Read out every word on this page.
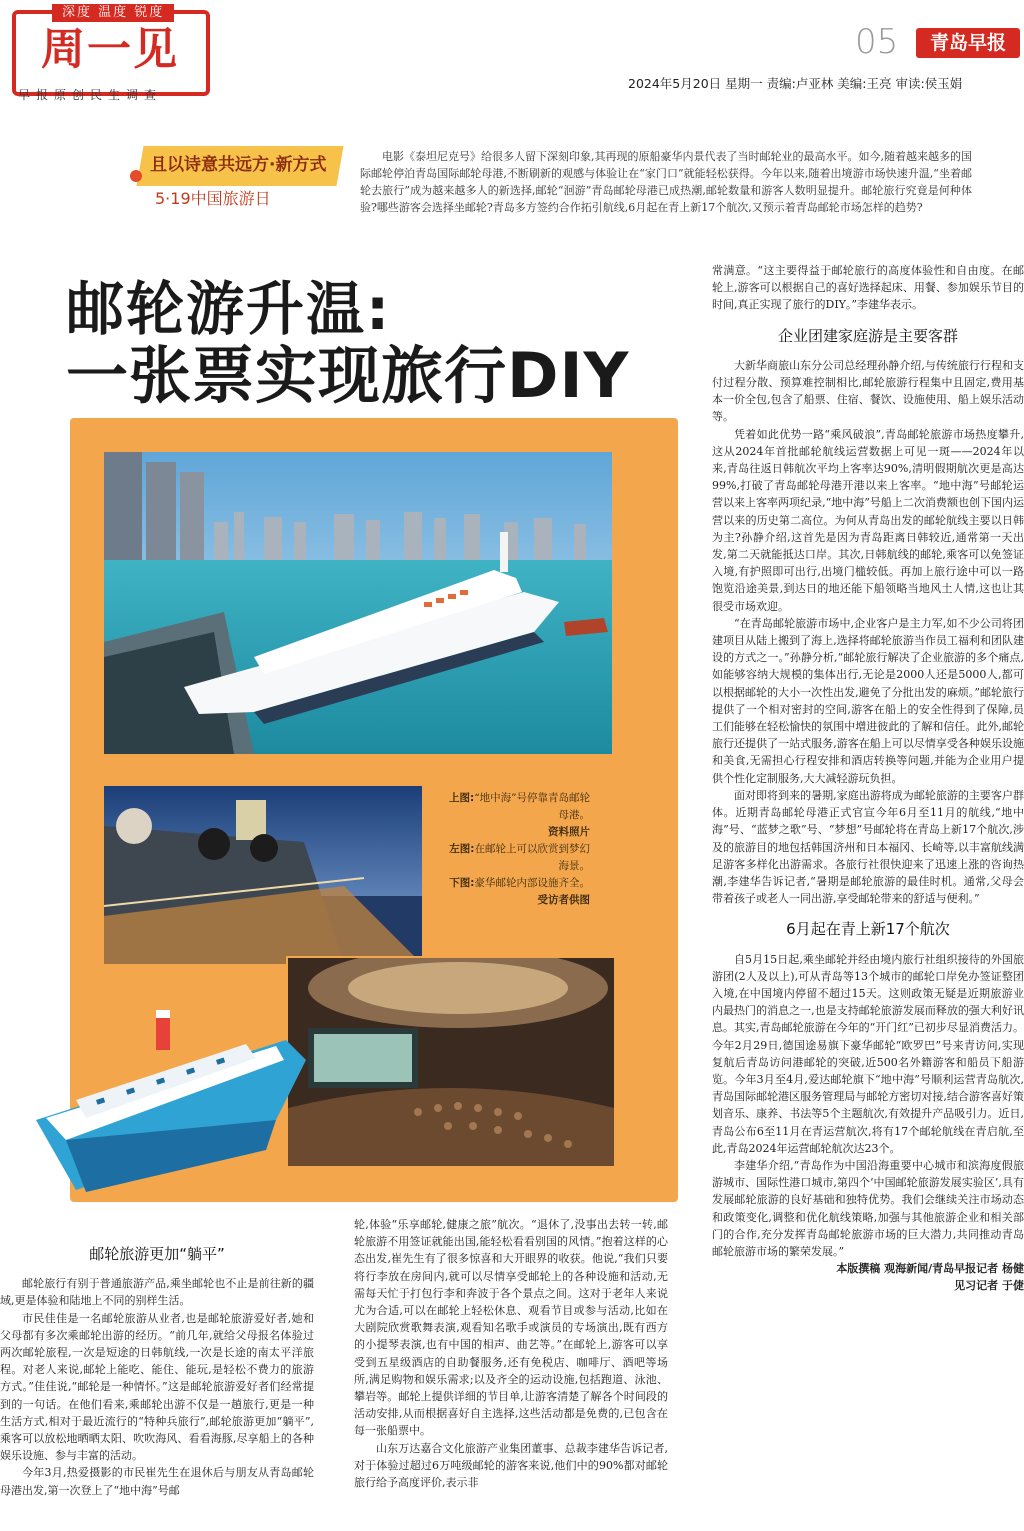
深度 温度 锐度
周一见
早报原创民生调查
05	青岛早报
2024年5月20日 星期一 责编:卢亚林 美编:王亮 审读:侯玉娟
且以诗意共远方·新方式
5·19中国旅游日
电影《泰坦尼克号》给很多人留下深刻印象,其再现的原船豪华内景代表了当时邮轮业的最高水平。如今,随着越来越多的国际邮轮停泊青岛国际邮轮母港,不断刷新的观感与体验让在“家门口”就能轻松获得。今年以来,随着出境游市场快速升温,“坐着邮轮去旅行”成为越来越多人的新选择,邮轮“洄游”青岛邮轮母港已成热潮,邮轮数量和游客人数明显提升。邮轮旅行究竟是何种体验?哪些游客会选择坐邮轮?青岛多方签约合作拓引航线,6月起在青上新17个航次,又预示着青岛邮轮市场怎样的趋势?
邮轮游升温:
一张票实现旅行DIY
上图:“地中海”号停靠青岛邮轮母港。
资料照片
左图:在邮轮上可以欣赏到梦幻海景。
下图:豪华邮轮内部设施齐全。
受访者供图

常满意。“这主要得益于邮轮旅行的高度体验性和自由度。在邮轮上,游客可以根据自己的喜好选择起床、用餐、参加娱乐节目的时间,真正实现了旅行的DIY。”李建华表示。

企业团建家庭游是主要客群

大新华商旅山东分公司总经理孙静介绍,与传统旅行行程和支付过程分散、预算难控制相比,邮轮旅游行程集中且固定,费用基本一价全包,包含了船票、住宿、餐饮、设施使用、船上娱乐活动等。

凭着如此优势一路“乘风破浪”,青岛邮轮旅游市场热度攀升,这从2024年首批邮轮航线运营数据上可见一斑——2024年以来,青岛往返日韩航次平均上客率达90%,清明假期航次更是高达99%,打破了青岛邮轮母港开港以来上客率。“地中海”号邮轮运营以来上客率两项纪录,“地中海”号船上二次消费额也创下国内运营以来的历史第二高位。为何从青岛出发的邮轮航线主要以日韩为主?孙静介绍,这首先是因为青岛距离日韩较近,通常第一天出发,第二天就能抵达口岸。其次,日韩航线的邮轮,乘客可以免签证入境,有护照即可出行,出境门槛较低。再加上旅行途中可以一路饱览沿途美景,到达日的地还能下船领略当地风土人情,这也让其很受市场欢迎。

“在青岛邮轮旅游市场中,企业客户是主力军,如不少公司将团建项目从陆上搬到了海上,选择将邮轮旅游当作员工福利和团队建设的方式之一。”孙静分析,“邮轮旅行解决了企业旅游的多个痛点,如能够容纳大规模的集体出行,无论是2000人还是5000人,都可以根据邮轮的大小一次性出发,避免了分批出发的麻烦。”邮轮旅行提供了一个相对密封的空间,游客在船上的安全性得到了保障,员工们能够在轻松愉快的氛围中增进彼此的了解和信任。此外,邮轮旅行还提供了一站式服务,游客在船上可以尽情享受各种娱乐设施和美食,无需担心行程安排和酒店转换等问题,并能为企业用户提供个性化定制服务,大大减轻游玩负担。

面对即将到来的暑期,家庭出游将成为邮轮旅游的主要客户群体。近期青岛邮轮母港正式官宣今年6月至11月的航线,“地中海”号、“蓝梦之歌”号、“梦想”号邮轮将在青岛上新17个航次,涉及的旅游目的地包括韩国济州和日本福冈、长崎等,以丰富航线满足游客多样化出游需求。各旅行社很快迎来了迅速上涨的咨询热潮,李建华告诉记者,“暑期是邮轮旅游的最佳时机。通常,父母会带着孩子或老人一同出游,享受邮轮带来的舒适与便利。”

6月起在青上新17个航次

自5月15日起,乘坐邮轮并经由境内旅行社组织接待的外国旅游团(2人及以上),可从青岛等13个城市的邮轮口岸免办签证整团入境,在中国境内停留不超过15天。这则政策无疑是近期旅游业内最热门的消息之一,也是支持邮轮旅游发展而释放的强大利好讯息。其实,青岛邮轮旅游在今年的“开门红”已初步尽显消费活力。今年2月29日,德国途易旗下豪华邮轮“欧罗巴”号来青访问,实现复航后青岛访问港邮轮的突破,近500名外籍游客和船员下船游览。今年3月至4月,爱达邮轮旗下“地中海”号顺利运营青岛航次,青岛国际邮轮港区服务管理局与邮轮方密切对接,结合游客喜好策划音乐、康养、书法等5个主题航次,有效提升产品吸引力。近日,青岛公布6至11月在青运营航次,将有17个邮轮航线在青启航,至此,青岛2024年运营邮轮航次达23个。

李建华介绍,“青岛作为中国沿海重要中心城市和滨海度假旅游城市、国际性港口城市,第四个‘中国邮轮旅游发展实验区’,具有发展邮轮旅游的良好基础和独特优势。我们会继续关注市场动态和政策变化,调整和优化航线策略,加强与其他旅游企业和相关部门的合作,充分发挥青岛邮轮旅游市场的巨大潜力,共同推动青岛邮轮旅游市场的繁荣发展。”

本版撰稿 观海新闻/青岛早报记者 杨健

见习记者 于倢

邮轮旅游更加“躺平”

邮轮旅行有别于普通旅游产品,乘坐邮轮也不止是前往新的疆域,更是体验和陆地上不同的别样生活。

市民佳佳是一名邮轮旅游从业者,也是邮轮旅游爱好者,她和父母都有多次乘邮轮出游的经历。“前几年,就给父母报名体验过两次邮轮旅程,一次是短途的日韩航线,一次是长途的南太平洋旅程。对老人来说,邮轮上能吃、能住、能玩,是轻松不费力的旅游方式。”佳佳说,“邮轮是一种情怀。”这是邮轮旅游爱好者们经常提到的一句话。在他们看来,乘邮轮出游不仅是一趟旅行,更是一种生活方式,相对于最近流行的“特种兵旅行”,邮轮旅游更加“躺平”,乘客可以放松地晒晒太阳、吹吹海风、看看海豚,尽享船上的各种娱乐设施、参与丰富的活动。

今年3月,热爱摄影的市民崔先生在退休后与朋友从青岛邮轮母港出发,第一次登上了“地中海”号邮

轮,体验“乐享邮轮,健康之旅”航次。“退休了,没事出去转一转,邮轮旅游不用签证就能出国,能轻松看看别国的风情。”抱着这样的心态出发,崔先生有了很多惊喜和大开眼界的收获。他说,“我们只要将行李放在房间内,就可以尽情享受邮轮上的各种设施和活动,无需每天忙于打包行李和奔波于各个景点之间。这对于老年人来说尤为合适,可以在邮轮上轻松休息、观看节目或参与活动,比如在大剧院欣赏歌舞表演,观看知名歌手或演员的专场演出,既有西方的小提琴表演,也有中国的相声、曲艺等。”在邮轮上,游客可以享受到五星级酒店的自助餐服务,还有免税店、咖啡厅、酒吧等场所,满足购物和娱乐需求;以及齐全的运动设施,包括跑道、泳池、攀岩等。邮轮上提供详细的节目单,让游客清楚了解各个时间段的活动安排,从而根据喜好自主选择,这些活动都是免费的,已包含在每一张船票中。

山东万达嘉合文化旅游产业集团董事、总裁李建华告诉记者,对于体验过超过6万吨级邮轮的游客来说,他们中的90%都对邮轮旅行给予高度评价,表示非
